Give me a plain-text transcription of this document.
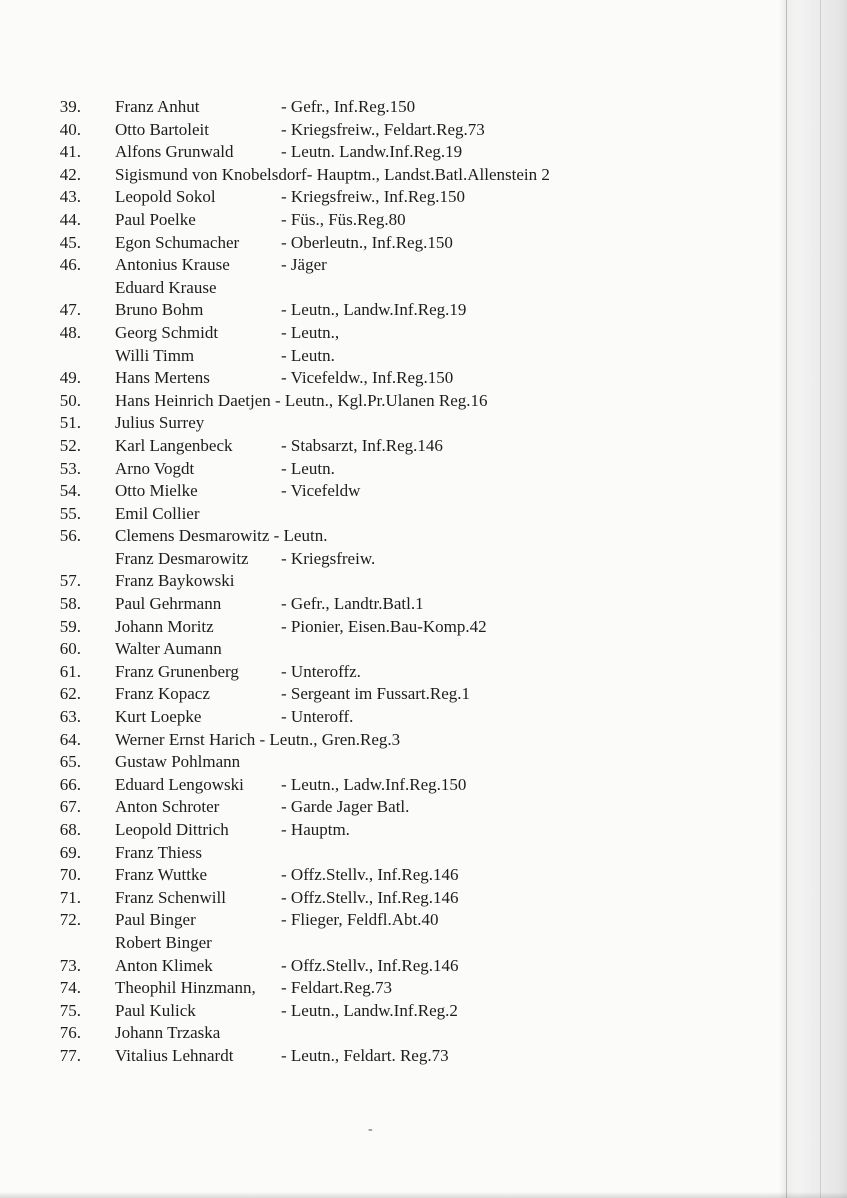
39. Franz Anhut	- Gefr., Inf.Reg.150
40. Otto Bartoleit	- Kriegsfreiw., Feldart.Reg.73
41. Alfons Grunwald	- Leutn. Landw.Inf.Reg.19
42. Sigismund von Knobelsdorf- Hauptm., Landst.Batl.Allenstein 2
43. Leopold Sokol	- Kriegsfreiw., Inf.Reg.150
44. Paul Poelke	- Füs., Füs.Reg.80
45. Egon Schumacher - Oberleutn., Inf.Reg.150
46. Antonius Krause	- Jäger
Eduard Krause
47. Bruno Bohm	- Leutn., Landw.Inf.Reg.19
48. Georg Schmidt	- Leutn.,
Willi Timm	- Leutn.
49. Hans Mertens	- Vicefeldw., Inf.Reg.150
50. Hans Heinrich Daetjen - Leutn., Kgl.Pr.Ulanen Reg.16
51. Julius Surrey
52. Karl Langenbeck	- Stabsarzt, Inf.Reg.146
53. Arno Vogdt	- Leutn.
54. Otto Mielke	- Vicefeldw
55. Emil Collier
56. Clemens Desmarowitz - Leutn.
Franz Desmarowitz - Kriegsfreiw.
57. Franz Baykowski
58. Paul Gehrmann	- Gefr., Landtr.Batl.1
59. Johann Moritz	- Pionier, Eisen.Bau-Komp.42
60. Walter Aumann
61. Franz Grunenberg - Unteroffz.
62. Franz Kopacz	- Sergeant im Fussart.Reg.1
63. Kurt Loepke	- Unteroff.
64. Werner Ernst Harich - Leutn., Gren.Reg.3
65. Gustaw Pohlmann
66. Eduard Lengowski - Leutn., Ladw.Inf.Reg.150
67. Anton Schroter	- Garde Jager Batl.
68. Leopold Dittrich	- Hauptm.
69. Franz Thiess
70. Franz Wuttke	- Offz.Stellv., Inf.Reg.146
71. Franz Schenwill	- Offz.Stellv., Inf.Reg.146
72. Paul Binger	- Flieger, Feldfl.Abt.40
Robert Binger
73. Anton Klimek	- Offz.Stellv., Inf.Reg.146
74. Theophil Hinzmann, - Feldart.Reg.73
75. Paul Kulick	- Leutn., Landw.Inf.Reg.2
76. Johann Trzaska
77. Vitalius Lehnardt	- Leutn., Feldart. Reg.73
-
